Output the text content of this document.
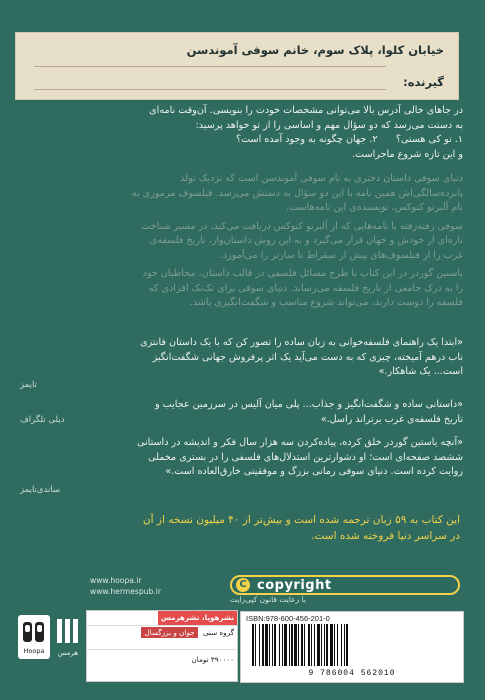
خیابان کلوا، پلاک سوم، خانم سوفی آموندسن
گیرنده:

در جاهای خالی آدرس بالا می‌توانی مشخصات خودت را بنویسی. آن‌وقت نامه‌ای

به دستت می‌رسد که دو سؤال مهم و اساسی را از تو خواهد پرسید:

۱. تو کی هستی؟      ۲. جهان چگونه به وجود آمده است؟

و این تازه شروع ماجراست.

دنیای سوفی داستان دختری به نام سوفی آموندسن است که نزدیک تولد

پانزده‌سالگی‌اش همین نامه با این دو سؤال به دستش می‌رسد. فیلسوف مرموزی به

نام آلبرتو کنوکس، نویسنده‌ی این نامه‌هاست.

سوفی رفته‌رفته با نامه‌هایی که از آلبرتو کنوکس دریافت می‌کند، در مسیر شناخت

تازه‌ای از خودش و جهان قرار می‌گیرد و به این روش داستان‌وار، تاریخ فلسفه‌ی

غرب را از فیلسوف‌های پیش از سقراط تا سارتر را می‌آموزد.

یاستین گوردر در این کتاب با طرح مسائل فلسفی در قالب داستان، مخاطبان خود

را به درک جامعی از تاریخ فلسفه می‌رساند. دنیای سوفی برای تک‌تک افرادی که

فلسفه را دوست دارند، می‌تواند شروع مناسب و شگفت‌انگیزی باشد.

«ابتدا یک راهنمای فلسفه‌خوانی به زبان ساده را تصور کن که با یک داستان فانتزی

ناب درهم آمیخته، چیزی که به دست می‌آید یک اثر پرفروش جهانی شگفت‌انگیز

است... یک شاهکار.»

تایمز

«داستانی ساده و شگفت‌انگیز و جذاب... پلی میان آلیس در سرزمین عجایب و

تاریخ فلسفه‌ی غرب برتراند راسل.»

دیلی تلگراف

«آنچه یاستین گوردر خلق کرده، پیاده‌کردن سه هزار سال فکر و اندیشه در داستانی

ششصد صفحه‌ای است؛ او دشوارترین استدلال‌های فلسفی را در بستری مخملی

روایت کرده است. دنیای سوفی رمانی بزرگ و موفقیتی خارق‌العاده است.»

ساندی‌تایمز
این کتاب به ۵۹ زبان ترجمه شده است و بیش‌تر از ۴۰ میلیون نسخه از آن
در سراسر دنیا فروخته شده است.
www.hoopa.ir
www.hermespub.ir
C copyright
با رعایت قانون کپی‌رایت
Hoopa	هرمس
نشرهوپا، نشرهرمس
گروه سنی جوان و بزرگسال
۳۹۰۰۰۰ تومان
ISBN:978-600-456-201-0
9 786004 562010
